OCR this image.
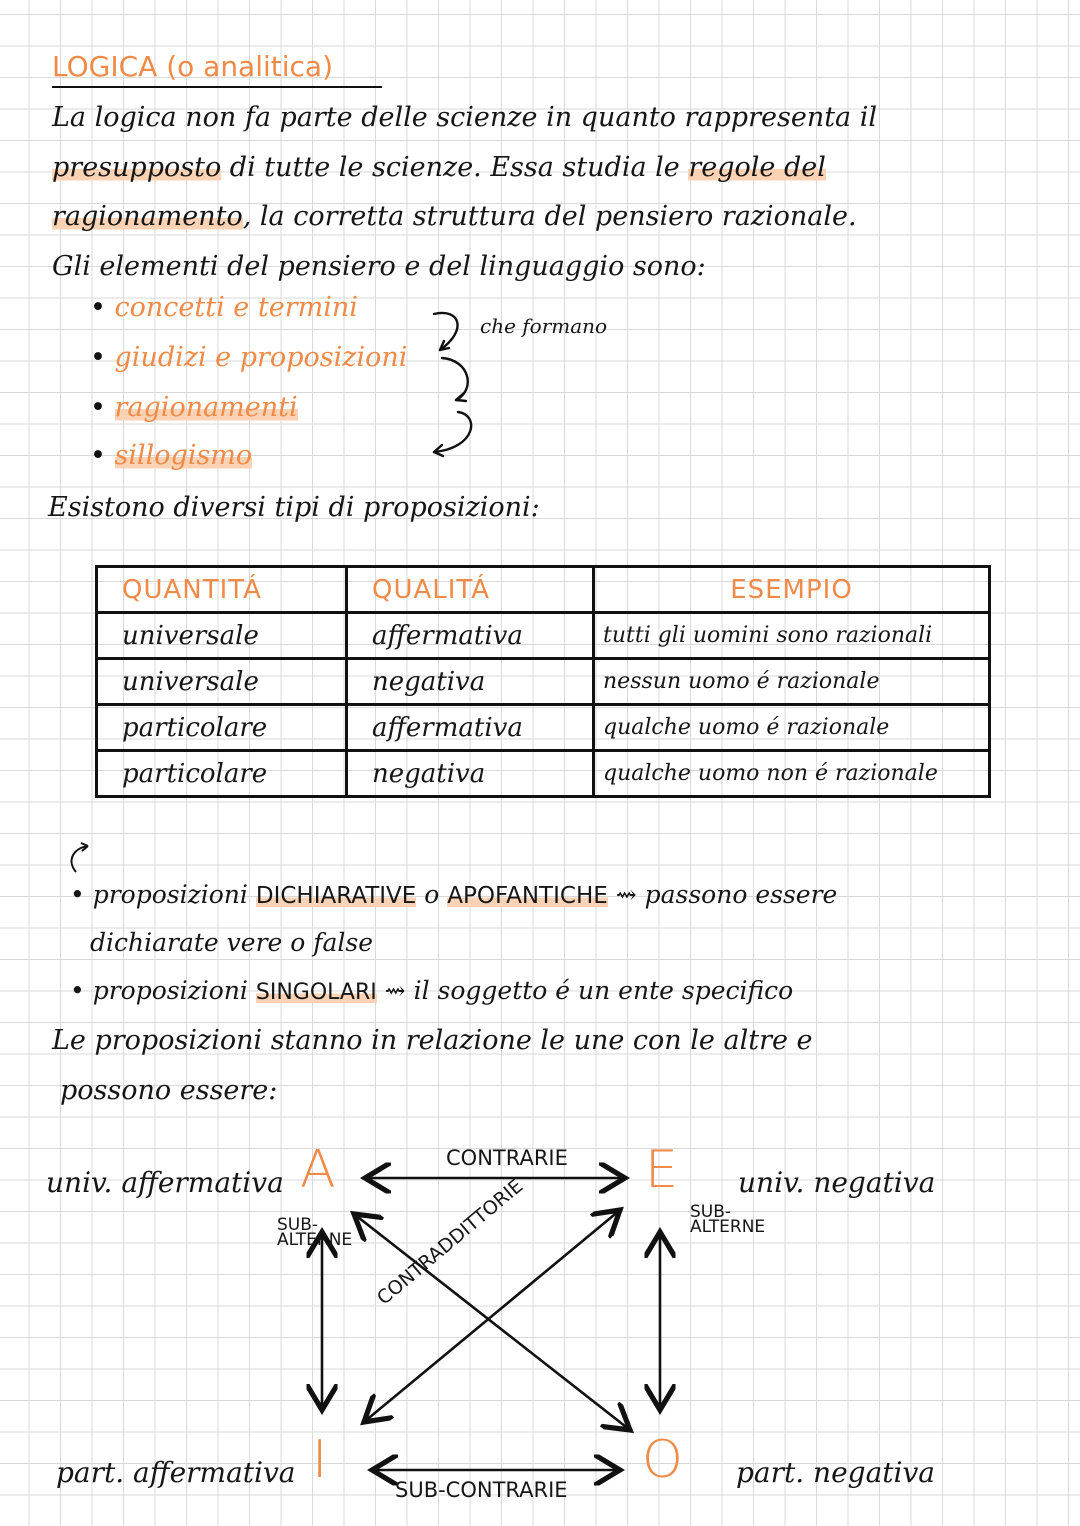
LOGICA (o analitica)
La logica non fa parte delle scienze in quanto rappresenta il
presupposto di tutte le scienze. Essa studia le regole del
ragionamento, la corretta struttura del pensiero razionale.
Gli elementi del pensiero e del linguaggio sono:
• concetti e termini
• giudizi e proposizioni
• ragionamenti
• sillogismo
che formano
Esistono diversi tipi di proposizioni:
QUANTITÁ	QUALITÁ	ESEMPIO
universale	affermativa	tutti gli uomini sono razionali
universale	negativa	nessun uomo é razionale
particolare	affermativa	qualche uomo é razionale
particolare	negativa	qualche uomo non é razionale
• proposizioni DICHIARATIVE o APOFANTICHE ⇝ passono essere
dichiarate vere o false
• proposizioni SINGOLARI ⇝ il soggetto é un ente specifico
Le proposizioni stanno in relazione le une con le altre e
possono essere:
univ. affermativa A	E univ. negativa
part. affermativa I	O part. negativa
CONTRARIE
SUB-CONTRARIE
CONTRADDITTORIE
SUB-ALTERNE
SUB-ALTERNE
